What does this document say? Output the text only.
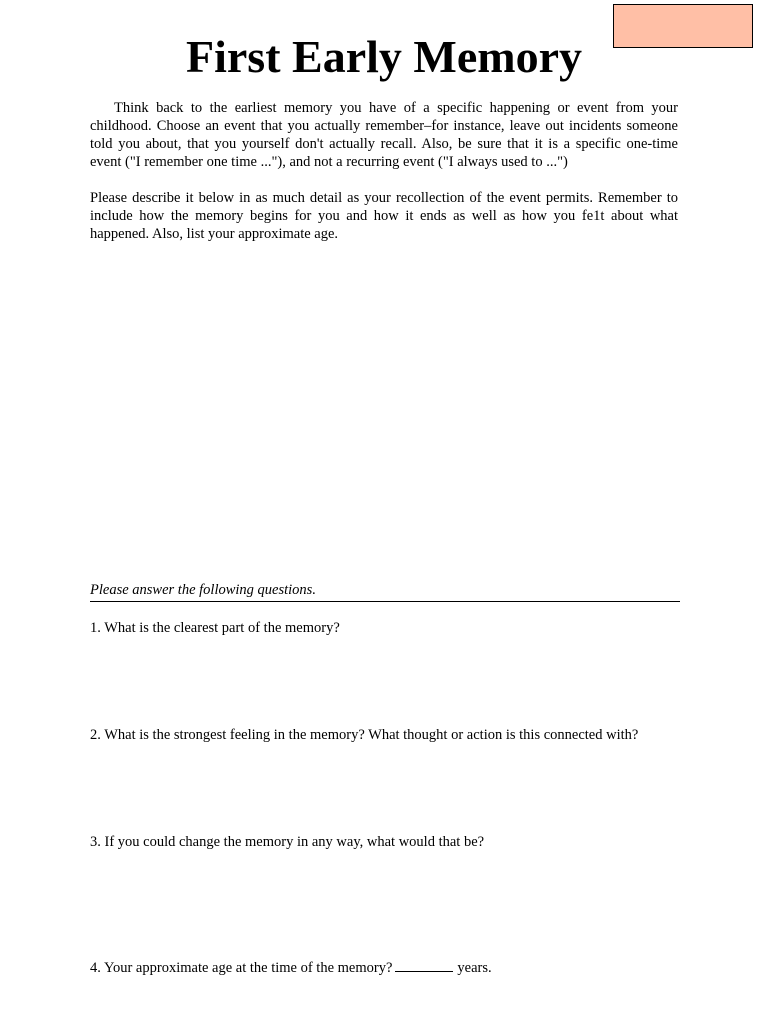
First Early Memory

Think back to the earliest memory you have of a specific happening or event from your childhood. Choose an event that you actually remember–for instance, leave out incidents someone told you about, that you yourself don't actually recall. Also, be sure that it is a specific one-time event ("I remember one time ..."), and not a recurring event ("I always used to ...")

Please describe it below in as much detail as your recollection of the event permits. Remember to include how the memory begins for you and how it ends as well as how you fe1t about what happened. Also, list your approximate age.

Please answer the following questions.
1. What is the clearest part of the memory?
2. What is the strongest feeling in the memory? What thought or action is this connected with?
3. If you could change the memory in any way, what would that be?
4. Your approximate age at the time of the memory?	years.
